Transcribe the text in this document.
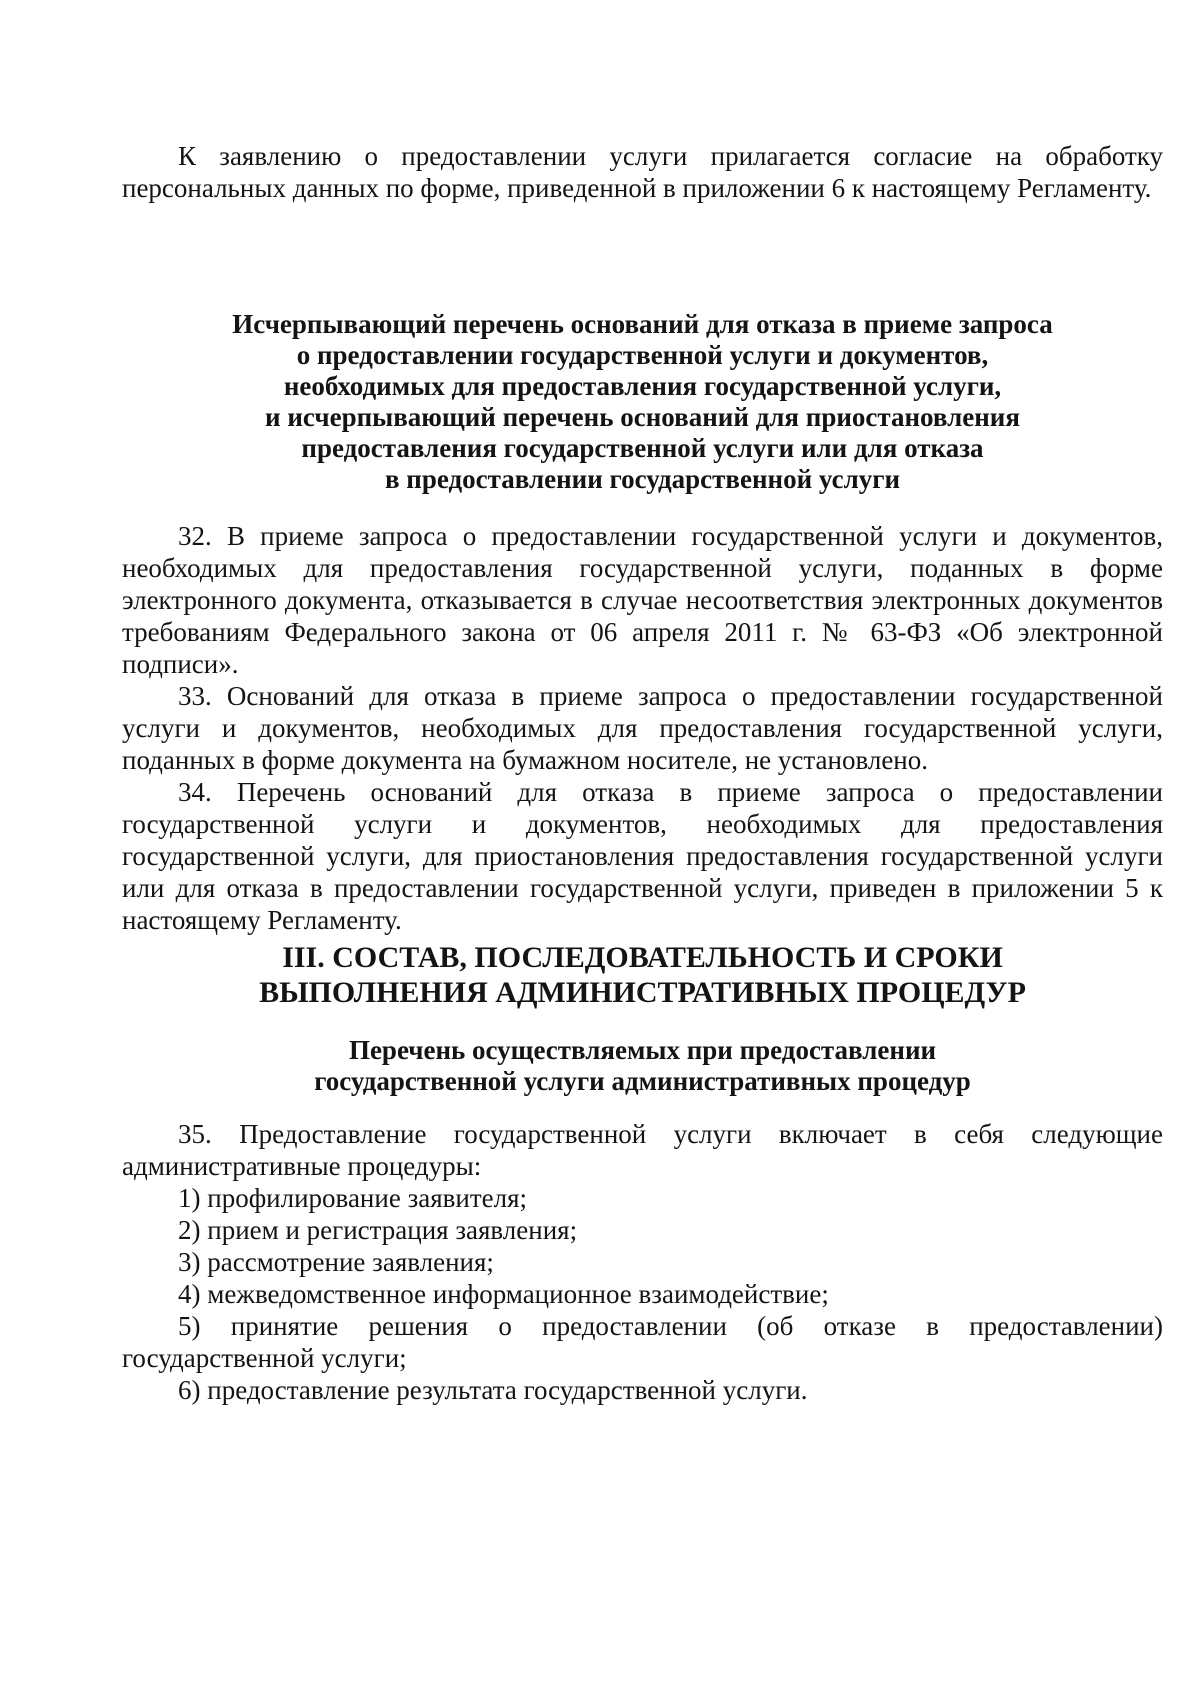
К заявлению о предоставлении услуги прилагается согласие на обработку персональных данных по форме, приведенной в приложении 6 к настоящему Регламенту.

Исчерпывающий перечень оснований для отказа в приеме запроса
о предоставлении государственной услуги и документов,
необходимых для предоставления государственной услуги,
и исчерпывающий перечень оснований для приостановления
предоставления государственной услуги или для отказа
в предоставлении государственной услуги

32. В приеме запроса о предоставлении государственной услуги и документов, необходимых для предоставления государственной услуги, поданных в форме электронного документа, отказывается в случае несоответствия электронных документов требованиям Федерального закона от 06 апреля 2011 г. № 63-ФЗ «Об электронной подписи».

33. Оснований для отказа в приеме запроса о предоставлении государственной услуги и документов, необходимых для предоставления государственной услуги, поданных в форме документа на бумажном носителе, не установлено.

34. Перечень оснований для отказа в приеме запроса о предоставлении государственной услуги и документов, необходимых для предоставления государственной услуги, для приостановления предоставления государственной услуги или для отказа в предоставлении государственной услуги, приведен в приложении 5 к настоящему Регламенту.

III. СОСТАВ, ПОСЛЕДОВАТЕЛЬНОСТЬ И СРОКИ
ВЫПОЛНЕНИЯ АДМИНИСТРАТИВНЫХ ПРОЦЕДУР
Перечень осуществляемых при предоставлении
государственной услуги административных процедур

35. Предоставление государственной услуги включает в себя следующие административные процедуры:

1) профилирование заявителя;

2) прием и регистрация заявления;

3) рассмотрение заявления;

4) межведомственное информационное взаимодействие;

5) принятие решения о предоставлении (об отказе в предоставлении) государственной услуги;

6) предоставление результата государственной услуги.
